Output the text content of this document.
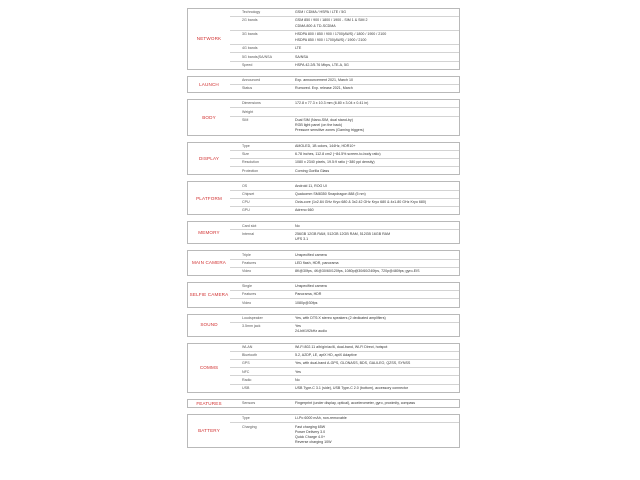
NETWORK
Technology	GSM / CDMA / HSPA / LTE / 5G
2G bands	GSM 850 / 900 / 1800 / 1900 - SIM 1 & SIM 2
CDMA 800 & TD-SCDMA
3G bands	HSDPA 800 / 850 / 900 / 1700(AWS) / 1800 / 1900 / 2100
HSDPA 850 / 900 / 1700(AWS) / 1900 / 2100
4G bands	LTE
5G bands(SA/NSA	SA/NSA
Speed	HSPA 42.2/5.76 Mbps, LTE-A, 5G
LAUNCH
Announced	Exp. announcement 2021, March 10
Status	Rumored. Exp. release 2021, March
BODY
Dimensions	172.8 x 77.3 x 10.3 mm (6.80 x 3.04 x 0.41 in)
Weight

SIM	Dual SIM (Nano-SIM, dual stand-by)
RGB light panel (on the back)
Pressure sensitive zones (Gaming triggers)
DISPLAY
Type	AMOLED, 1B colors, 144Hz, HDR10+
Size	6.78 inches, 112.8 cm2 (~84.5% screen-to-body ratio)
Resolution	1080 x 2340 pixels, 19.5:9 ratio (~380 ppi density)
Protection	Corning Gorilla Glass
PLATFORM
OS	Android 11, ROG UI
Chipset	Qualcomm SM8350 Snapdragon 888 (5 nm)
CPU	Octa-core (1x2.84 GHz Kryo 680 & 3x2.42 GHz Kryo 680 & 4x1.80 GHz Kryo 680)
GPU	Adreno 660
MEMORY
Card slot	No
Internal	256GB 12GB RAM, 512GB 12GB RAM, 512GB 16GB RAM
UFS 3.1
MAIN CAMERA
Triple	Unspecified camera
Features	LED flash, HDR, panorama
Video	8K@30fps, 4K@30/60/120fps, 1080p@30/60/240fps, 720p@480fps; gyro-EIS
SELFIE CAMERA
Single	Unspecified camera
Features	Panorama, HDR
Video	1080p@30fps
SOUND
Loudspeaker	Yes, with DTS:X stereo speakers (2 dedicated amplifiers)
3.5mm jack	Yes
24-bit/192kHz audio
COMMS
WLAN	Wi-Fi 802.11 a/b/g/n/ac/6, dual-band, Wi-Fi Direct, hotspot
Bluetooth	5.2, A2DP, LE, aptX HD, aptX Adaptive
GPS	Yes, with dual-band A-GPS, GLONASS, BDS, GALILEO, QZSS, SYNSS
NFC	Yes
Radio	No
USB	USB Type-C 3.1 (side), USB Type-C 2.0 (bottom), accessory connector
FEATURES	Sensors	Fingerprint (under display, optical), accelerometer, gyro, proximity, compass
BATTERY
Type	Li-Po 6000 mAh, non-removable
Charging	Fast charging 65W
Power Delivery 3.0
Quick Charge 4.0+
Reverse charging 10W
